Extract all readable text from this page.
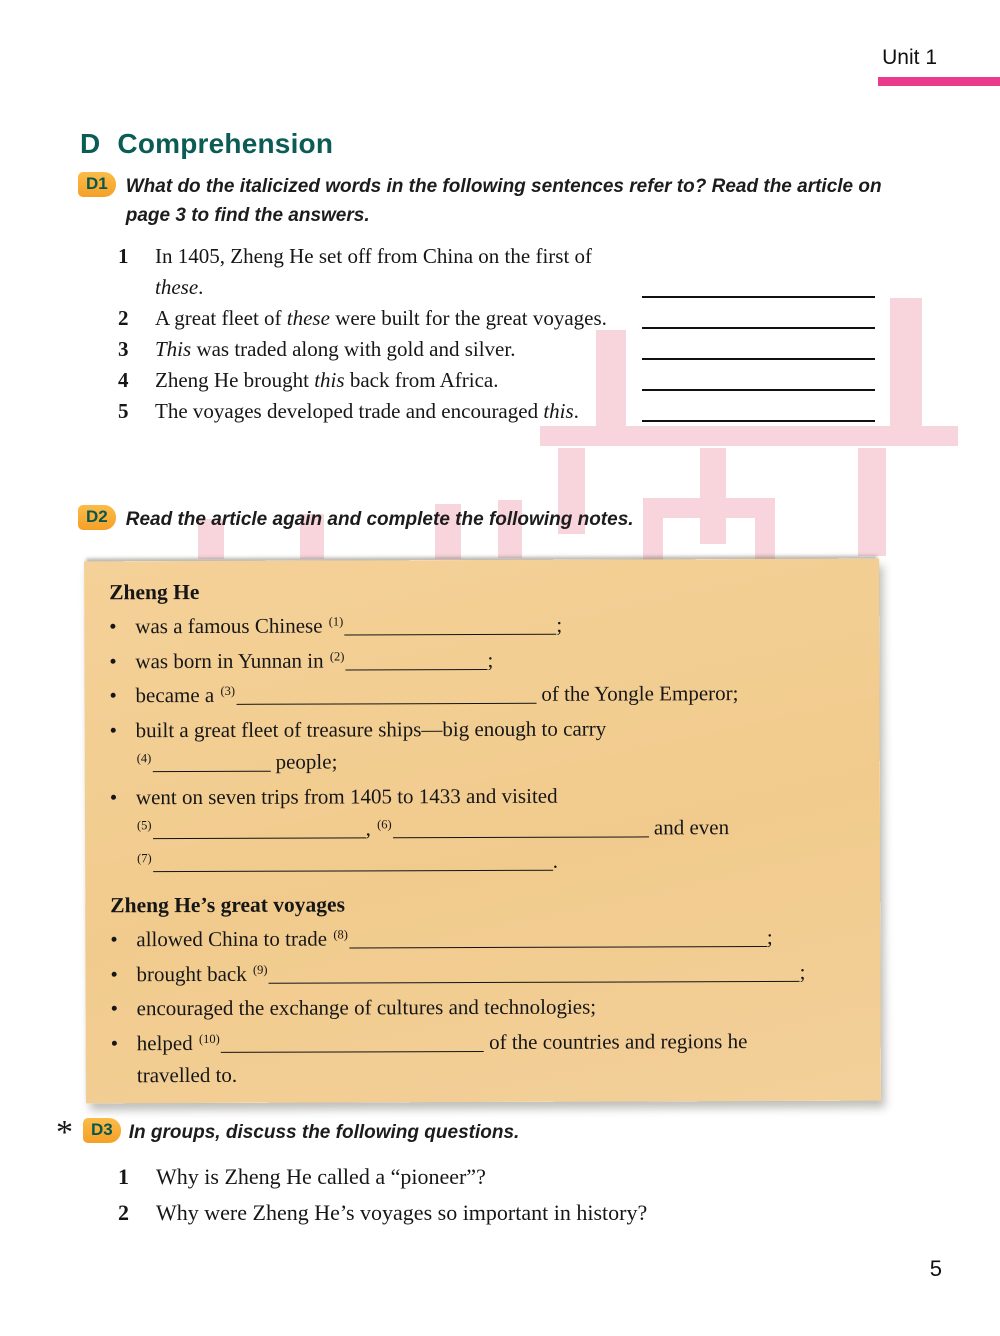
Unit 1
D Comprehension
D1 What do the italicized words in the following sentences refer to? Read the article on
page 3 to find the answers.
1	In 1405, Zheng He set off from China on the first of these.
2	A great fleet of these were built for the great voyages.
3	This was traded along with gold and silver.
4	Zheng He brought this back from Africa.
5	The voyages developed trade and encouraged this.
D2 Read the article again and complete the following notes.
Zheng He
•
was a famous Chinese $^{(1)}$	;
•
was born in Yunnan in $^{(2)}$	;
•
became a $^{(3)}$	of the Yongle Emperor;
•
built a great fleet of treasure ships—big enough to carry
$^{(4)}$	people;
•
went on seven trips from 1405 to 1433 and visited
$^{(5)}$	, $^{(6)}$	and even
$^{(7)}$	.
Zheng He’s great voyages
•
allowed China to trade $^{(8)}$	;
•
brought back $^{(9)}$	;
•
encouraged the exchange of cultures and technologies;
•
helped $^{(10)}$	of the countries and regions he
travelled to.
*	D3 In groups, discuss the following questions.
1	Why is Zheng He called a “pioneer”?
2	Why were Zheng He’s voyages so important in history?
5
